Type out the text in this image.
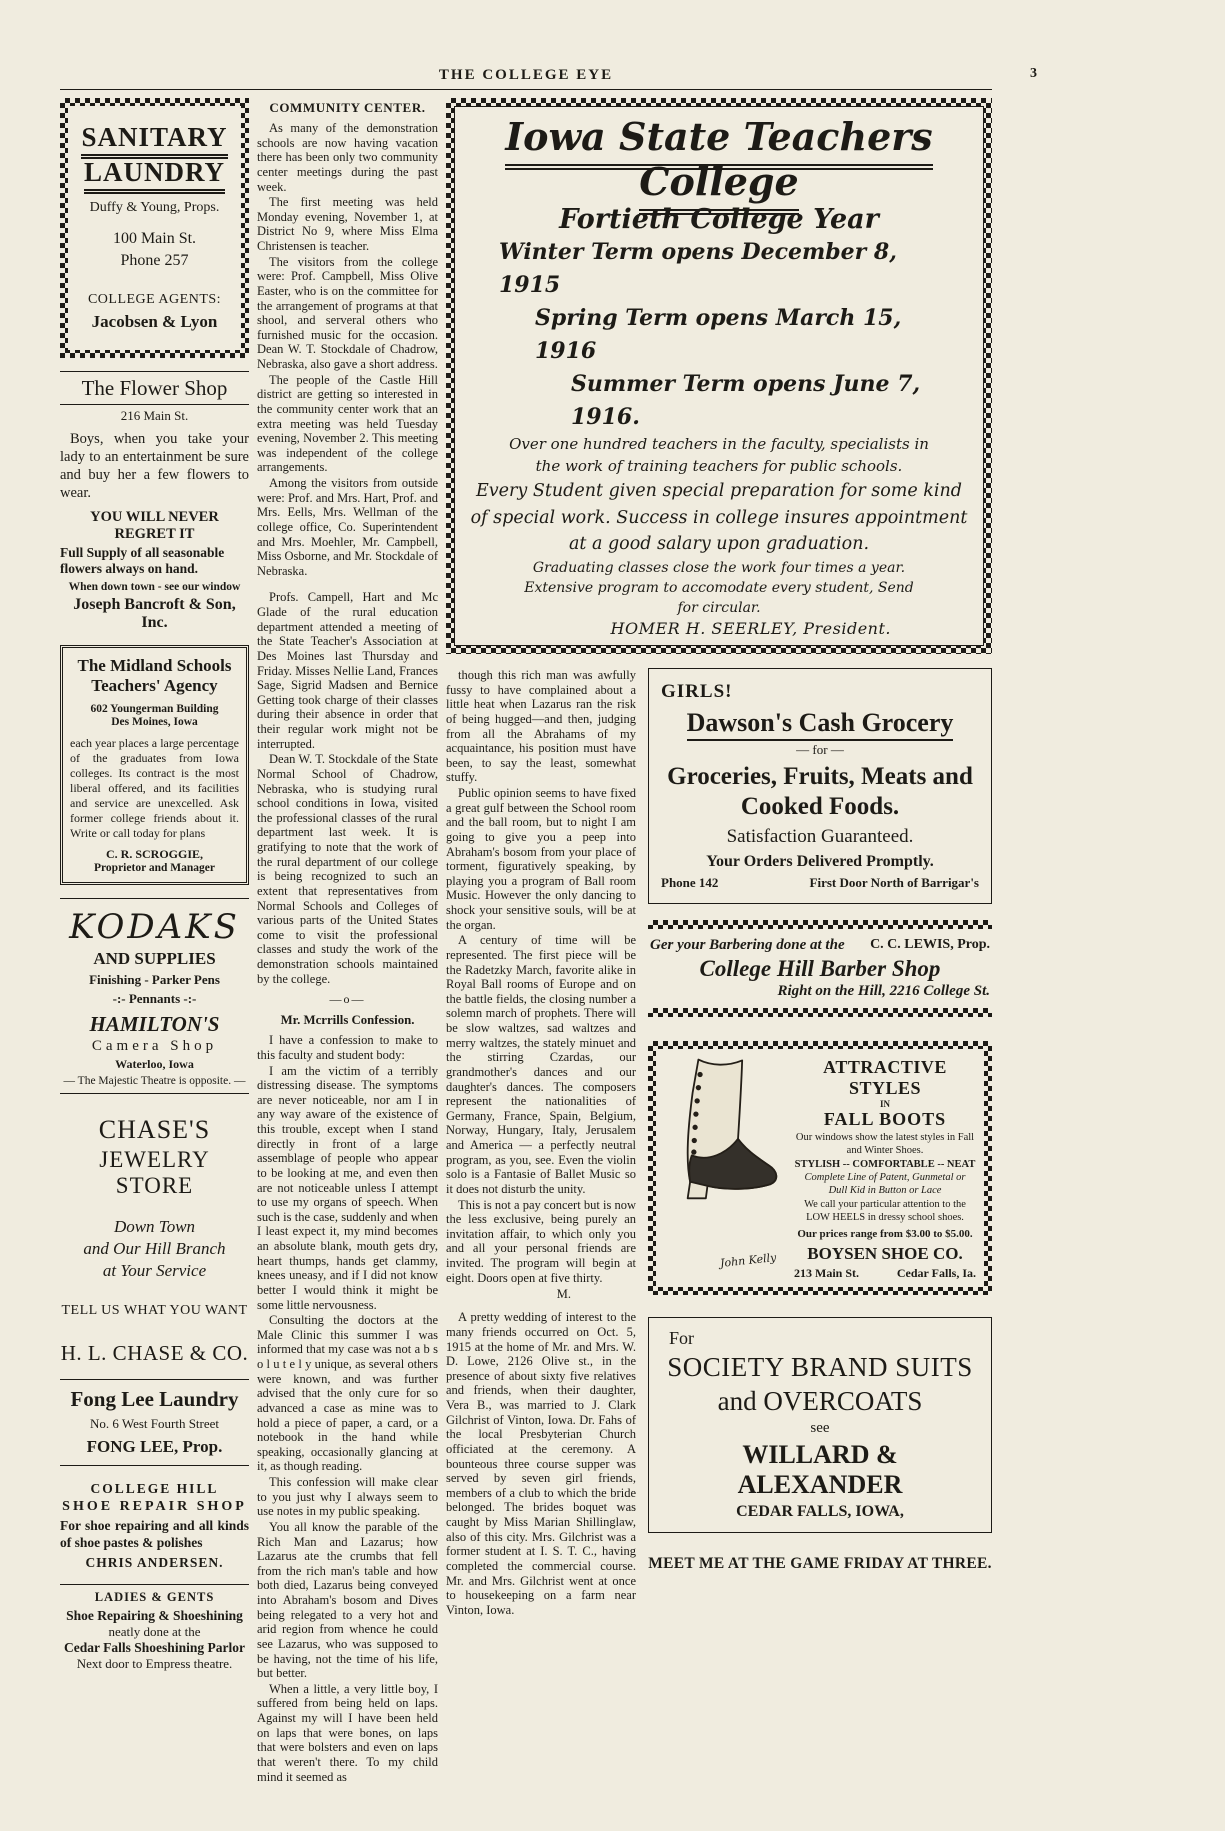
THE COLLEGE EYE	3
SANITARY
LAUNDRY
Duffy & Young, Props.
100 Main St.
Phone 257
COLLEGE AGENTS:
Jacobsen & Lyon
The Flower Shop
216 Main St.

Boys, when you take your lady to an entertainment be sure and buy her a few flowers to wear.

YOU WILL NEVER REGRET IT

Full Supply of all seasonable flowers always on hand.

When down town - see our window
Joseph Bancroft & Son, Inc.
The Midland Schools
Teachers' Agency
602 Youngerman Building
Des Moines, Iowa

each year places a large percentage of the graduates from Iowa colleges. Its contract is the most liberal offered, and its facilities and service are unexcelled. Ask former college friends about it. Write or call today for plans

C. R. SCROGGIE,
Proprietor and Manager
KODAKS
AND SUPPLIES
Finishing - Parker Pens
-:- Pennants -:-
HAMILTON'S
Camera Shop
Waterloo, Iowa
— The Majestic Theatre is opposite. —
CHASE'S
JEWELRY STORE
Down Town
and Our Hill Branch
at Your Service
TELL US WHAT YOU WANT
H. L. CHASE & CO.
Fong Lee Laundry
No. 6 West Fourth Street
FONG LEE, Prop.
COLLEGE HILL
SHOE REPAIR SHOP
For shoe repairing and all kinds of shoe pastes & polishes
CHRIS ANDERSEN.
LADIES & GENTS
Shoe Repairing & Shoeshining
neatly done at the
Cedar Falls Shoeshining Parlor
Next door to Empress theatre.
COMMUNITY CENTER.

As many of the demonstration schools are now having vacation there has been only two community center meetings during the past week.

The first meeting was held Monday evening, November 1, at District No 9, where Miss Elma Christensen is teacher.

The visitors from the college were: Prof. Campbell, Miss Olive Easter, who is on the committee for the arrangement of programs at that shool, and serveral others who furnished music for the occasion. Dean W. T. Stockdale of Chadrow, Nebraska, also gave a short address.

The people of the Castle Hill district are getting so interested in the community center work that an extra meeting was held Tuesday evening, November 2. This meeting was independent of the college arrangements.

Among the visitors from outside were: Prof. and Mrs. Hart, Prof. and Mrs. Eells, Mrs. Wellman of the college office, Co. Superintendent and Mrs. Moehler, Mr. Campbell, Miss Osborne, and Mr. Stockdale of Nebraska.

Profs. Campell, Hart and Mc Glade of the rural education department attended a meeting of the State Teacher's Association at Des Moines last Thursday and Friday. Misses Nellie Land, Frances Sage, Sigrid Madsen and Bernice Getting took charge of their classes during their absence in order that their regular work might not be interrupted.

Dean W. T. Stockdale of the State Normal School of Chadrow, Nebraska, who is studying rural school conditions in Iowa, visited the professional classes of the rural department last week. It is gratifying to note that the work of the rural department of our college is being recognized to such an extent that representatives from Normal Schools and Colleges of various parts of the United States come to visit the professional classes and study the work of the demonstration schools maintained by the college.

—o—
Mr. Mcrrills Confession.

I have a confession to make to this faculty and student body:

I am the victim of a terribly distressing disease. The symptoms are never noticeable, nor am I in any way aware of the existence of this trouble, except when I stand directly in front of a large assemblage of people who appear to be looking at me, and even then are not noticeable unless I attempt to use my organs of speech. When such is the case, suddenly and when I least expect it, my mind becomes an absolute blank, mouth gets dry, heart thumps, hands get clammy, knees uneasy, and if I did not know better I would think it might be some little nervousness.

Consulting the doctors at the Male Clinic this summer I was informed that my case was not a b s o l u t e l y unique, as several others were known, and was further advised that the only cure for so advanced a case as mine was to hold a piece of paper, a card, or a notebook in the hand while speaking, occasionally glancing at it, as though reading.

This confession will make clear to you just why I always seem to use notes in my public speaking.

You all know the parable of the Rich Man and Lazarus; how Lazarus ate the crumbs that fell from the rich man's table and how both died, Lazarus being conveyed into Abraham's bosom and Dives being relegated to a very hot and arid region from whence he could see Lazarus, who was supposed to be having, not the time of his life, but better.

When a little, a very little boy, I suffered from being held on laps. Against my will I have been held on laps that were bones, on laps that were bolsters and even on laps that weren't there. To my child mind it seemed as

Iowa State Teachers College
Fortieth College Year
Winter Term opens December 8, 1915
Spring Term opens March 15, 1916
Summer Term opens June 7, 1916.

Over one hundred teachers in the faculty, specialists in the work of training teachers for public schools.

Every Student given special preparation for some kind of special work. Success in college insures appointment at a good salary upon graduation.

Graduating classes close the work four times a year. Extensive program to accomodate every student, Send for circular.

HOMER H. SEERLEY, President.

though this rich man was awfully fussy to have complained about a little heat when Lazarus ran the risk of being hugged—and then, judging from all the Abrahams of my acquaintance, his position must have been, to say the least, somewhat stuffy.

Public opinion seems to have fixed a great gulf between the School room and the ball room, but to night I am going to give you a peep into Abraham's bosom from your place of torment, figuratively speaking, by playing you a program of Ball room Music. However the only dancing to shock your sensitive souls, will be at the organ.

A century of time will be represented. The first piece will be the Radetzky March, favorite alike in Royal Ball rooms of Europe and on the battle fields, the closing number a solemn march of prophets. There will be slow waltzes, sad waltzes and merry waltzes, the stately minuet and the stirring Czardas, our grandmother's dances and our daughter's dances. The composers represent the nationalities of Germany, France, Spain, Belgium, Norway, Hungary, Italy, Jerusalem and America — a perfectly neutral program, as you, see. Even the violin solo is a Fantasie of Ballet Music so it does not disturb the unity.

This is not a pay concert but is now the less exclusive, being purely an invitation affair, to which only you and all your personal friends are invited. The program will begin at eight. Doors open at five thirty.

M.

A pretty wedding of interest to the many friends occurred on Oct. 5, 1915 at the home of Mr. and Mrs. W. D. Lowe, 2126 Olive st., in the presence of about sixty five relatives and friends, when their daughter, Vera B., was married to J. Clark Gilchrist of Vinton, Iowa. Dr. Fahs of the local Presbyterian Church officiated at the ceremony. A bounteous three course supper was served by seven girl friends, members of a club to which the bride belonged. The brides boquet was caught by Miss Marian Shillinglaw, also of this city. Mrs. Gilchrist was a former student at I. S. T. C., having completed the commercial course. Mr. and Mrs. Gilchrist went at once to housekeeping on a farm near Vinton, Iowa.

GIRLS!
Dawson's Cash Grocery
— for —
Groceries, Fruits, Meats and Cooked Foods.
Satisfaction Guaranteed.
Your Orders Delivered Promptly.
Phone 142	First Door North of Barrigar's
Ger your Barbering done at the C. C. LEWIS, Prop.
College Hill Barber Shop
Right on the Hill, 2216 College St.
John Kelly
ATTRACTIVE STYLES
IN
FALL BOOTS

Our windows show the latest styles in Fall and Winter Shoes.

STYLISH -- COMFORTABLE -- NEAT

Complete Line of Patent, Gunmetal or Dull Kid in Button or Lace

We call your particular attention to the LOW HEELS in dressy school shoes.

Our prices range from $3.00 to $5.00.
BOYSEN SHOE CO.
213 Main St.	Cedar Falls, Ia.
For
SOCIETY BRAND SUITS
and OVERCOATS
see
WILLARD & ALEXANDER
CEDAR FALLS, IOWA,
MEET ME AT THE GAME FRIDAY AT THREE.
